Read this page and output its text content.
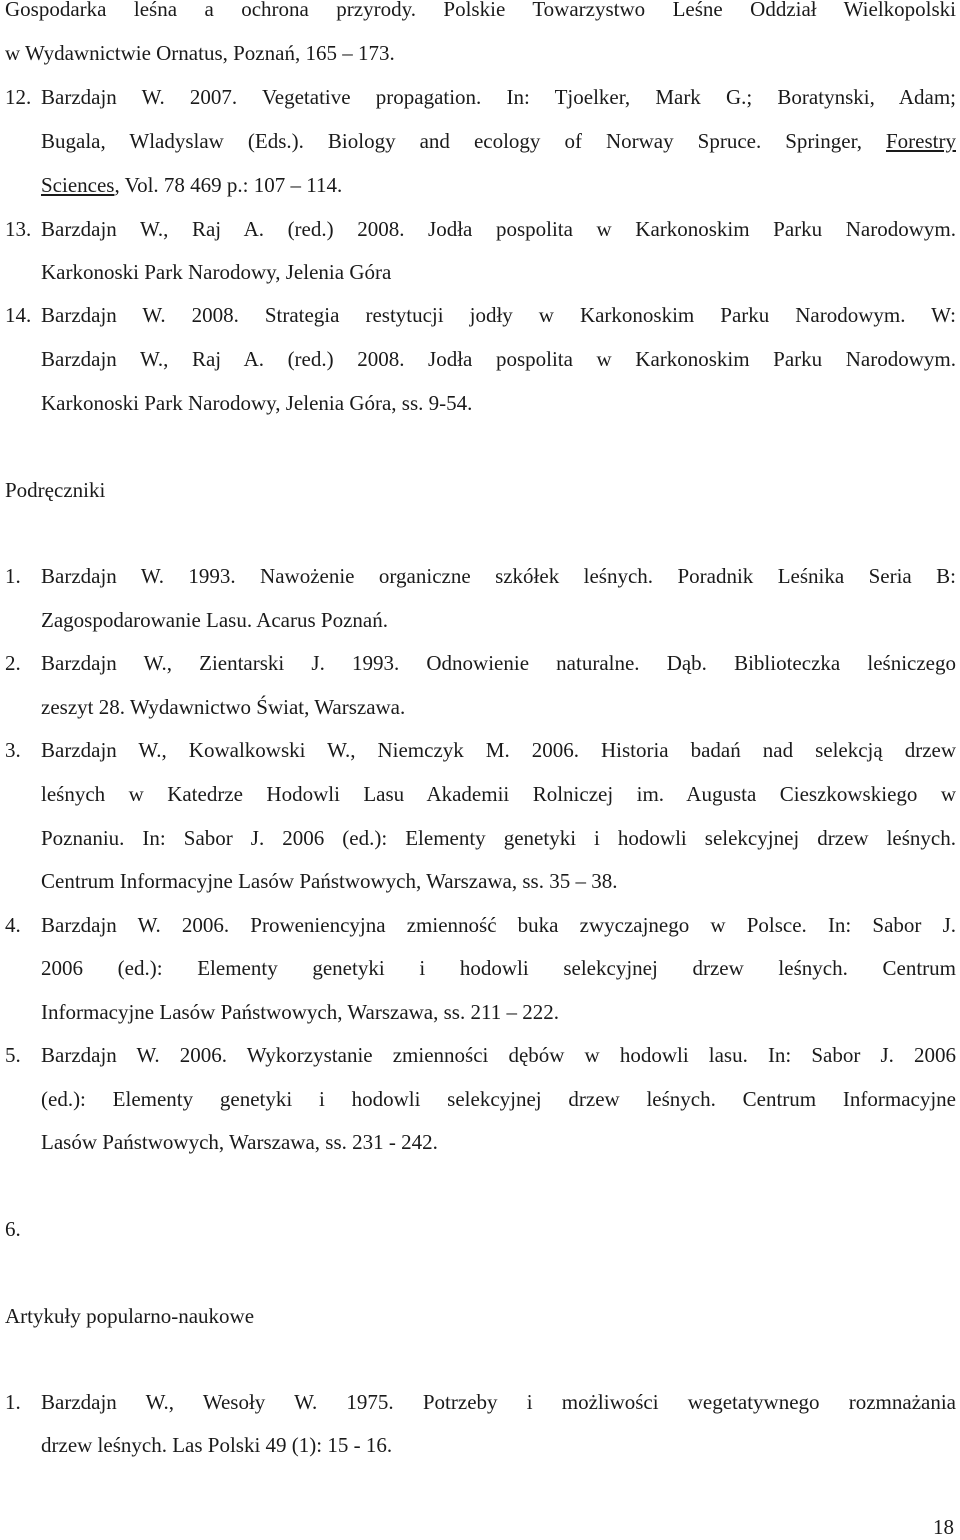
Gospodarka leśna a ochrona przyrody. Polskie Towarzystwo Leśne Oddział Wielkopolski
w Wydawnictwie Ornatus, Poznań, 165 – 173.
12. Barzdajn W. 2007. Vegetative propagation. In: Tjoelker, Mark G.; Boratynski, Adam;
Bugala, Wladyslaw (Eds.). Biology and ecology of Norway Spruce. Springer, Forestry
Sciences, Vol. 78 469 p.: 107 – 114.
13. Barzdajn W., Raj A. (red.) 2008. Jodła pospolita w Karkonoskim Parku Narodowym.
Karkonoski Park Narodowy, Jelenia Góra
14. Barzdajn W. 2008. Strategia restytucji jodły w Karkonoskim Parku Narodowym. W:
Barzdajn W., Raj A. (red.) 2008. Jodła pospolita w Karkonoskim Parku Narodowym.
Karkonoski Park Narodowy, Jelenia Góra, ss. 9-54.
Podręczniki
1. Barzdajn W. 1993. Nawożenie organiczne szkółek leśnych. Poradnik Leśnika Seria B:
Zagospodarowanie Lasu. Acarus Poznań.
2. Barzdajn W., Zientarski J. 1993. Odnowienie naturalne. Dąb. Biblioteczka leśniczego
zeszyt 28. Wydawnictwo Świat, Warszawa.
3. Barzdajn W., Kowalkowski W., Niemczyk M. 2006. Historia badań nad selekcją drzew
leśnych w Katedrze Hodowli Lasu Akademii Rolniczej im. Augusta Cieszkowskiego w
Poznaniu. In: Sabor J. 2006 (ed.): Elementy genetyki i hodowli selekcyjnej drzew leśnych.
Centrum Informacyjne Lasów Państwowych, Warszawa, ss. 35 – 38.
4. Barzdajn W. 2006. Proweniencyjna zmienność buka zwyczajnego w Polsce. In: Sabor J.
2006 (ed.): Elementy genetyki i hodowli selekcyjnej drzew leśnych. Centrum
Informacyjne Lasów Państwowych, Warszawa, ss. 211 – 222.
5. Barzdajn W. 2006. Wykorzystanie zmienności dębów w hodowli lasu. In: Sabor J. 2006
(ed.): Elementy genetyki i hodowli selekcyjnej drzew leśnych. Centrum Informacyjne
Lasów Państwowych, Warszawa, ss. 231 - 242.
6.
Artykuły popularno-naukowe
1. Barzdajn W., Wesoły W. 1975. Potrzeby i możliwości wegetatywnego rozmnażania
drzew leśnych. Las Polski 49 (1): 15 - 16.
18
